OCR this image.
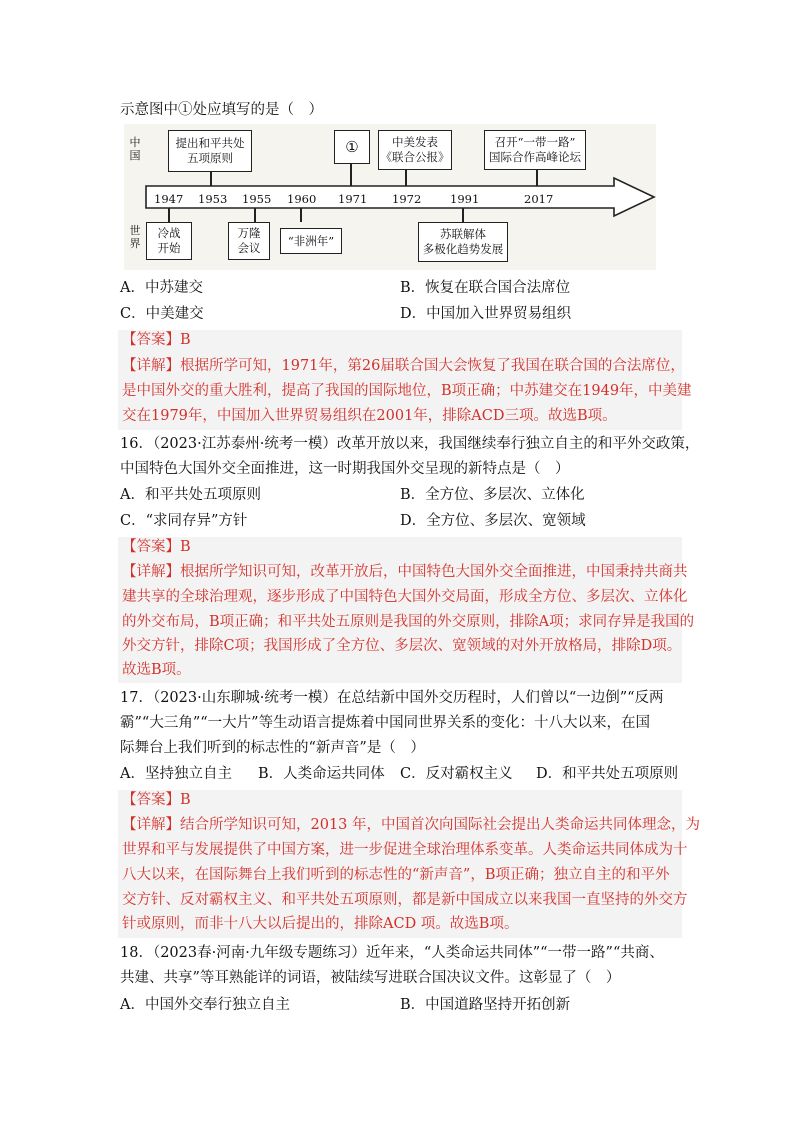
示意图中①处应填写的是（　）
中国
世界
1947 1953 1955 1960 1971 1972 1991	2017
提出和平共处
五项原则
①	中美发表
《联合公报》
召开“一带一路”
国际合作高峰论坛
冷战
开始
万隆
会议
“非洲年”	苏联解体
多极化趋势发展
A．中苏建交	B．恢复在联合国合法席位
C．中美建交	D．中国加入世界贸易组织
【答案】B
【详解】根据所学可知，1971年，第26届联合国大会恢复了我国在联合国的合法席位，
是中国外交的重大胜利，提高了我国的国际地位，B项正确；中苏建交在1949年，中美建
交在1979年，中国加入世界贸易组织在2001年，排除ACD三项。故选B项。
16．（2023·江苏泰州·统考一模）改革开放以来，我国继续奉行独立自主的和平外交政策，
中国特色大国外交全面推进，这一时期我国外交呈现的新特点是（　）
A．和平共处五项原则	B．全方位、多层次、立体化
C．“求同存异”方针	D．全方位、多层次、宽领域
【答案】B
【详解】根据所学知识可知，改革开放后，中国特色大国外交全面推进，中国秉持共商共
建共享的全球治理观，逐步形成了中国特色大国外交局面，形成全方位、多层次、立体化
的外交布局，B项正确；和平共处五原则是我国的外交原则，排除A项；求同存异是我国的
外交方针，排除C项；我国形成了全方位、多层次、宽领域的对外开放格局，排除D项。
故选B项。
17．（2023·山东聊城·统考一模）在总结新中国外交历程时，人们曾以“一边倒”“反两
霸”“大三角”“一大片”等生动语言提炼着中国同世界关系的变化：十八大以来，在国
际舞台上我们听到的标志性的“新声音”是（　）
A．坚持独立自主 B．人类命运共同体 C．反对霸权主义 D．和平共处五项原则
【答案】B
【详解】结合所学知识可知，2013 年，中国首次向国际社会提出人类命运共同体理念，为
世界和平与发展提供了中国方案，进一步促进全球治理体系变革。人类命运共同体成为十
八大以来，在国际舞台上我们听到的标志性的“新声音”，B项正确；独立自主的和平外
交方针、反对霸权主义、和平共处五项原则，都是新中国成立以来我国一直坚持的外交方
针或原则，而非十八大以后提出的，排除ACD 项。故选B项。
18．（2023春·河南·九年级专题练习）近年来，“人类命运共同体”“一带一路”“共商、
共建、共享”等耳熟能详的词语，被陆续写进联合国决议文件。这彰显了（　）
A．中国外交奉行独立自主	B．中国道路坚持开拓创新
